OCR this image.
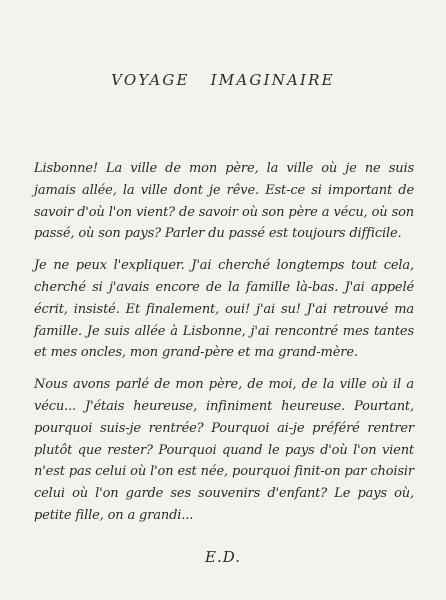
VOYAGE IMAGINAIRE

Lisbonne! La ville de mon père, la ville où je ne suis jamais allée, la ville dont je rêve. Est-ce si important de savoir d'où l'on vient? de savoir où son père a vécu, où son passé, où son pays? Parler du passé est toujours difficile.

Je ne peux l'expliquer. J'ai cherché longtemps tout cela, cherché si j'avais encore de la famille là-bas. J'ai appelé écrit, insisté. Et finalement, oui! j'ai su! J'ai retrouvé ma famille. Je suis allée à Lisbonne, j'ai rencontré mes tantes et mes oncles, mon grand-père et ma grand-mère.

Nous avons parlé de mon père, de moi, de la ville où il a vécu... J'étais heureuse, infiniment heureuse. Pourtant, pourquoi suis-je rentrée? Pourquoi ai-je préféré rentrer plutôt que rester? Pourquoi quand le pays d'où l'on vient n'est pas celui où l'on est née, pourquoi finit-on par choisir celui où l'on garde ses souvenirs d'enfant? Le pays où, petite fille, on a grandi...

E.D.
